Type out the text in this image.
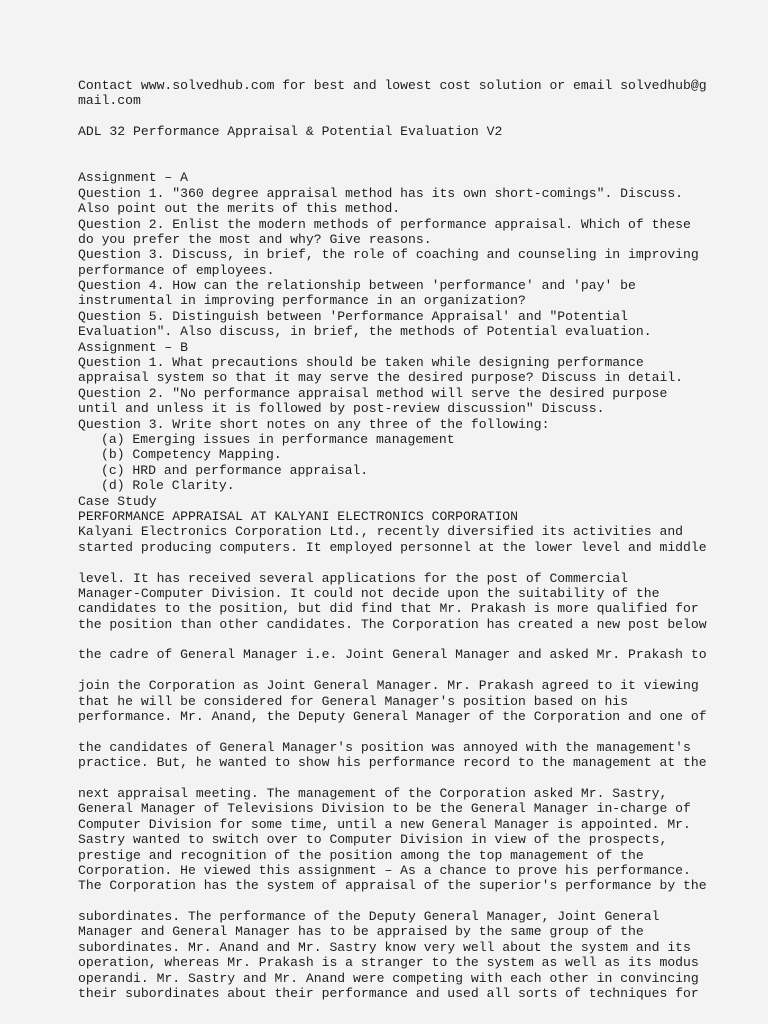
Contact www.solvedhub.com for best and lowest cost solution or email solvedhub@g
mail.com
ADL 32 Performance Appraisal & Potential Evaluation V2
Assignment – A
Question 1. "360 degree appraisal method has its own short-comings". Discuss.
Also point out the merits of this method.
Question 2. Enlist the modern methods of performance appraisal. Which of these
do you prefer the most and why? Give reasons.
Question 3. Discuss, in brief, the role of coaching and counseling in improving
performance of employees.
Question 4. How can the relationship between 'performance' and 'pay' be
instrumental in improving performance in an organization?
Question 5. Distinguish between 'Performance Appraisal' and "Potential
Evaluation". Also discuss, in brief, the methods of Potential evaluation.
Assignment – B
Question 1. What precautions should be taken while designing performance
appraisal system so that it may serve the desired purpose? Discuss in detail.
Question 2. "No performance appraisal method will serve the desired purpose
until and unless it is followed by post-review discussion" Discuss.
Question 3. Write short notes on any three of the following:
(a) Emerging issues in performance management
(b) Competency Mapping.
(c) HRD and performance appraisal.
(d) Role Clarity.
Case Study
PERFORMANCE APPRAISAL AT KALYANI ELECTRONICS CORPORATION
Kalyani Electronics Corporation Ltd., recently diversified its activities and
started producing computers. It employed personnel at the lower level and middle
level. It has received several applications for the post of Commercial
Manager-Computer Division. It could not decide upon the suitability of the
candidates to the position, but did find that Mr. Prakash is more qualified for
the position than other candidates. The Corporation has created a new post below
the cadre of General Manager i.e. Joint General Manager and asked Mr. Prakash to
join the Corporation as Joint General Manager. Mr. Prakash agreed to it viewing
that he will be considered for General Manager's position based on his
performance. Mr. Anand, the Deputy General Manager of the Corporation and one of
the candidates of General Manager's position was annoyed with the management's
practice. But, he wanted to show his performance record to the management at the
next appraisal meeting. The management of the Corporation asked Mr. Sastry,
General Manager of Televisions Division to be the General Manager in-charge of
Computer Division for some time, until a new General Manager is appointed. Mr.
Sastry wanted to switch over to Computer Division in view of the prospects,
prestige and recognition of the position among the top management of the
Corporation. He viewed this assignment – As a chance to prove his performance.
The Corporation has the system of appraisal of the superior's performance by the
subordinates. The performance of the Deputy General Manager, Joint General
Manager and General Manager has to be appraised by the same group of the
subordinates. Mr. Anand and Mr. Sastry know very well about the system and its
operation, whereas Mr. Prakash is a stranger to the system as well as its modus
operandi. Mr. Sastry and Mr. Anand were competing with each other in convincing
their subordinates about their performance and used all sorts of techniques for
